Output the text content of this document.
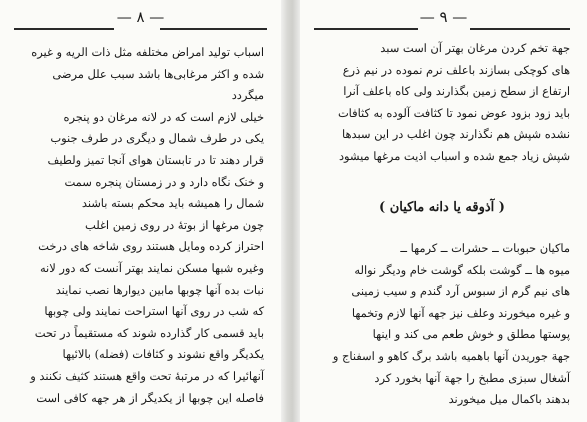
— ۸ —

اسباب تولید امراض مختلفه مثل ذات الریه و غیره

شده و اکثر مرغابی‌ها باشد سبب علل مرضی

میگردد

خیلی لازم است که در لانه مرغان دو پنجره

یکی در طرف شمال و دیگری در طرف جنوب

قرار دهند تا در تابستان هوای آنجا تمیز ولطیف

و خنک نگاه دارد و در زمستان پنجره سمت

شمال را همیشه باید محکم بسته باشند

چون مرغها از بوتهٔ در روی زمین اغلب

احتراز کرده ومایل هستند روی شاخه های درخت

وغیره شبها مسکن نمایند بهتر آنست که دور لانه

نبات بده آنها چوبها مابین دیوارها نصب نمایند

که شب در روی آنها استراحت نمایند ولی چوبها

باید قسمی کار گذارده شوند که مستقیماً در تحت

یکدیگر واقع نشوند و کثافات (فضله) بالائیها

آنهائیرا که در مرتبهٔ تحت واقع هستند کثیف نکنند و

فاصله این چوبها از یکدیگر از هر جهه کافی است

— ۹ —

جهة تخم کردن مرغان بهتر آن است سبد

های کوچکی بسازند باعلف نرم نموده در نیم ذرع

ارتفاع از سطح زمین بگذارند ولی کاه باعلف آنرا

باید زود بزود عوض نمود تا کثافت آلوده به کثافات

نشده شپش هم نگذارند چون اغلب در این سبدها

شپش زیاد جمع شده و اسباب اذیت مرغها میشود

( آذوقه یا دانه ماکیان )

ماکیان حبوبات ــ حشرات ــ کرمها ــ

میوه ها ــ گوشت بلکه گوشت خام ودیگر نواله

های نیم گرم از سبوس آرد گندم و سیب زمینی

و غیره میخورند وعلف نیز جهه آنها لازم وتخمها

پوستها مطلق و خوش طعم می کند و اینها

جهة جوریدن آنها باهمیه باشد برگ کاهو و اسفناج و

آشغال سبزی مطبخ را جهة آنها بخورد کرد

بدهند باکمال میل میخورند
